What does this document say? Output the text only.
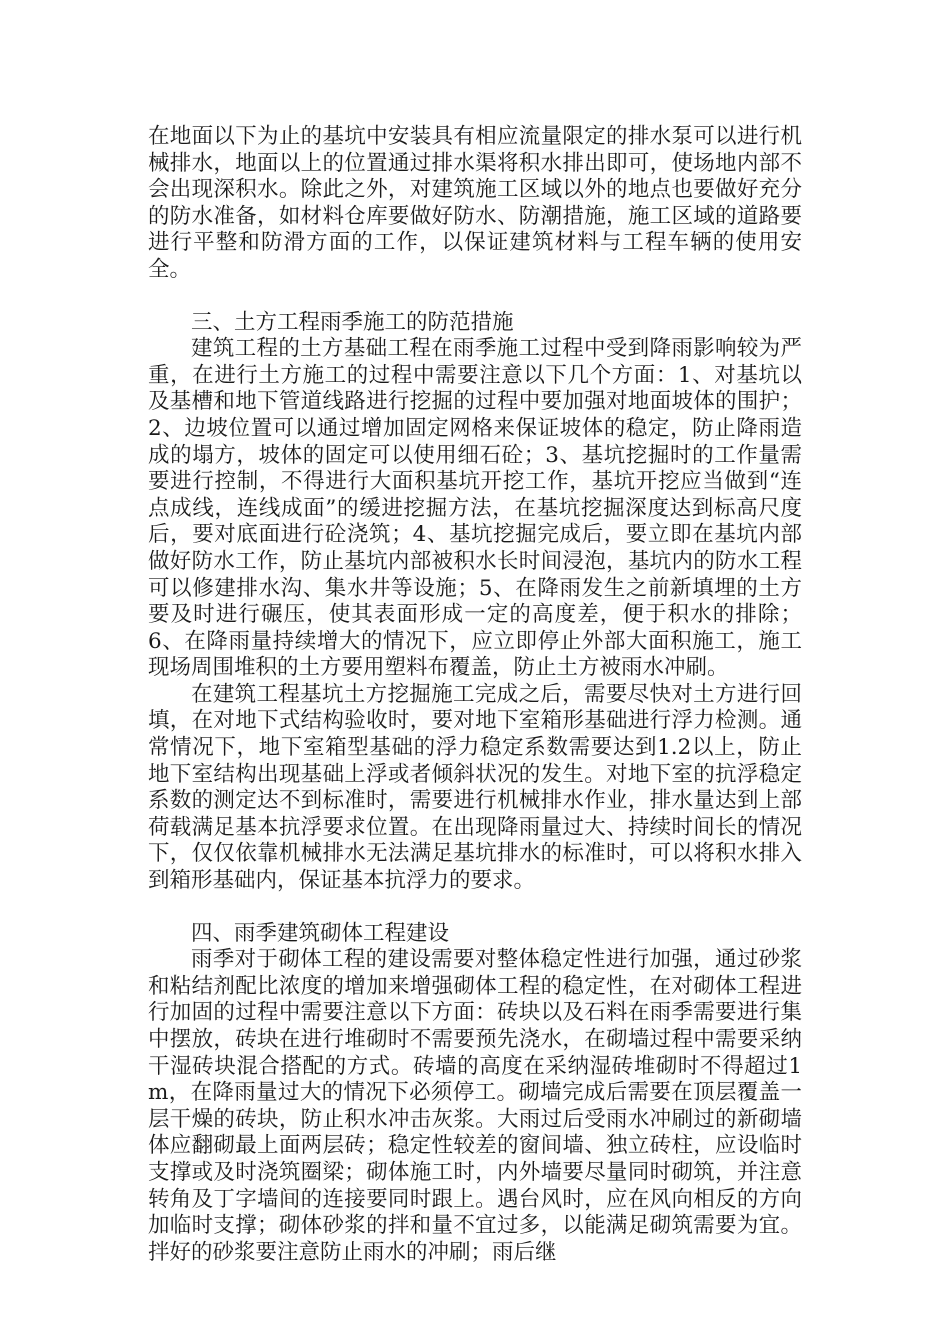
在地面以下为止的基坑中安装具有相应流量限定的排水泵可以进行机械排水，地面以上的位置通过排水渠将积水排出即可，使场地内部不会出现深积水。除此之外，对建筑施工区域以外的地点也要做好充分的防水准备，如材料仓库要做好防水、防潮措施，施工区域的道路要进行平整和防滑方面的工作，以保证建筑材料与工程车辆的使用安全。

三、土方工程雨季施工的防范措施

建筑工程的土方基础工程在雨季施工过程中受到降雨影响较为严重，在进行土方施工的过程中需要注意以下几个方面：1、对基坑以及基槽和地下管道线路进行挖掘的过程中要加强对地面坡体的围护；2、边坡位置可以通过增加固定网格来保证坡体的稳定，防止降雨造成的塌方，坡体的固定可以使用细石砼；3、基坑挖掘时的工作量需要进行控制，不得进行大面积基坑开挖工作，基坑开挖应当做到“连点成线，连线成面”的缓进挖掘方法，在基坑挖掘深度达到标高尺度后，要对底面进行砼浇筑；4、基坑挖掘完成后，要立即在基坑内部做好防水工作，防止基坑内部被积水长时间浸泡，基坑内的防水工程可以修建排水沟、集水井等设施；5、在降雨发生之前新填埋的土方要及时进行碾压，使其表面形成一定的高度差，便于积水的排除；6、在降雨量持续增大的情况下，应立即停止外部大面积施工，施工现场周围堆积的土方要用塑料布覆盖，防止土方被雨水冲刷。

在建筑工程基坑土方挖掘施工完成之后，需要尽快对土方进行回填，在对地下式结构验收时，要对地下室箱形基础进行浮力检测。通常情况下，地下室箱型基础的浮力稳定系数需要达到1.2以上，防止地下室结构出现基础上浮或者倾斜状况的发生。对地下室的抗浮稳定系数的测定达不到标准时，需要进行机械排水作业，排水量达到上部荷载满足基本抗浮要求位置。在出现降雨量过大、持续时间长的情况下，仅仅依靠机械排水无法满足基坑排水的标准时，可以将积水排入到箱形基础内，保证基本抗浮力的要求。

四、雨季建筑砌体工程建设

雨季对于砌体工程的建设需要对整体稳定性进行加强，通过砂浆和粘结剂配比浓度的增加来增强砌体工程的稳定性，在对砌体工程进行加固的过程中需要注意以下方面：砖块以及石料在雨季需要进行集中摆放，砖块在进行堆砌时不需要预先浇水，在砌墙过程中需要采纳干湿砖块混合搭配的方式。砖墙的高度在采纳湿砖堆砌时不得超过1m，在降雨量过大的情况下必须停工。砌墙完成后需要在顶层覆盖一层干燥的砖块，防止积水冲击灰浆。大雨过后受雨水冲刷过的新砌墙体应翻砌最上面两层砖；稳定性较差的窗间墙、独立砖柱，应设临时支撑或及时浇筑圈梁；砌体施工时，内外墙要尽量同时砌筑，并注意转角及丁字墙间的连接要同时跟上。遇台风时，应在风向相反的方向加临时支撑；砌体砂浆的拌和量不宜过多，以能满足砌筑需要为宜。拌好的砂浆要注意防止雨水的冲刷；雨后继
